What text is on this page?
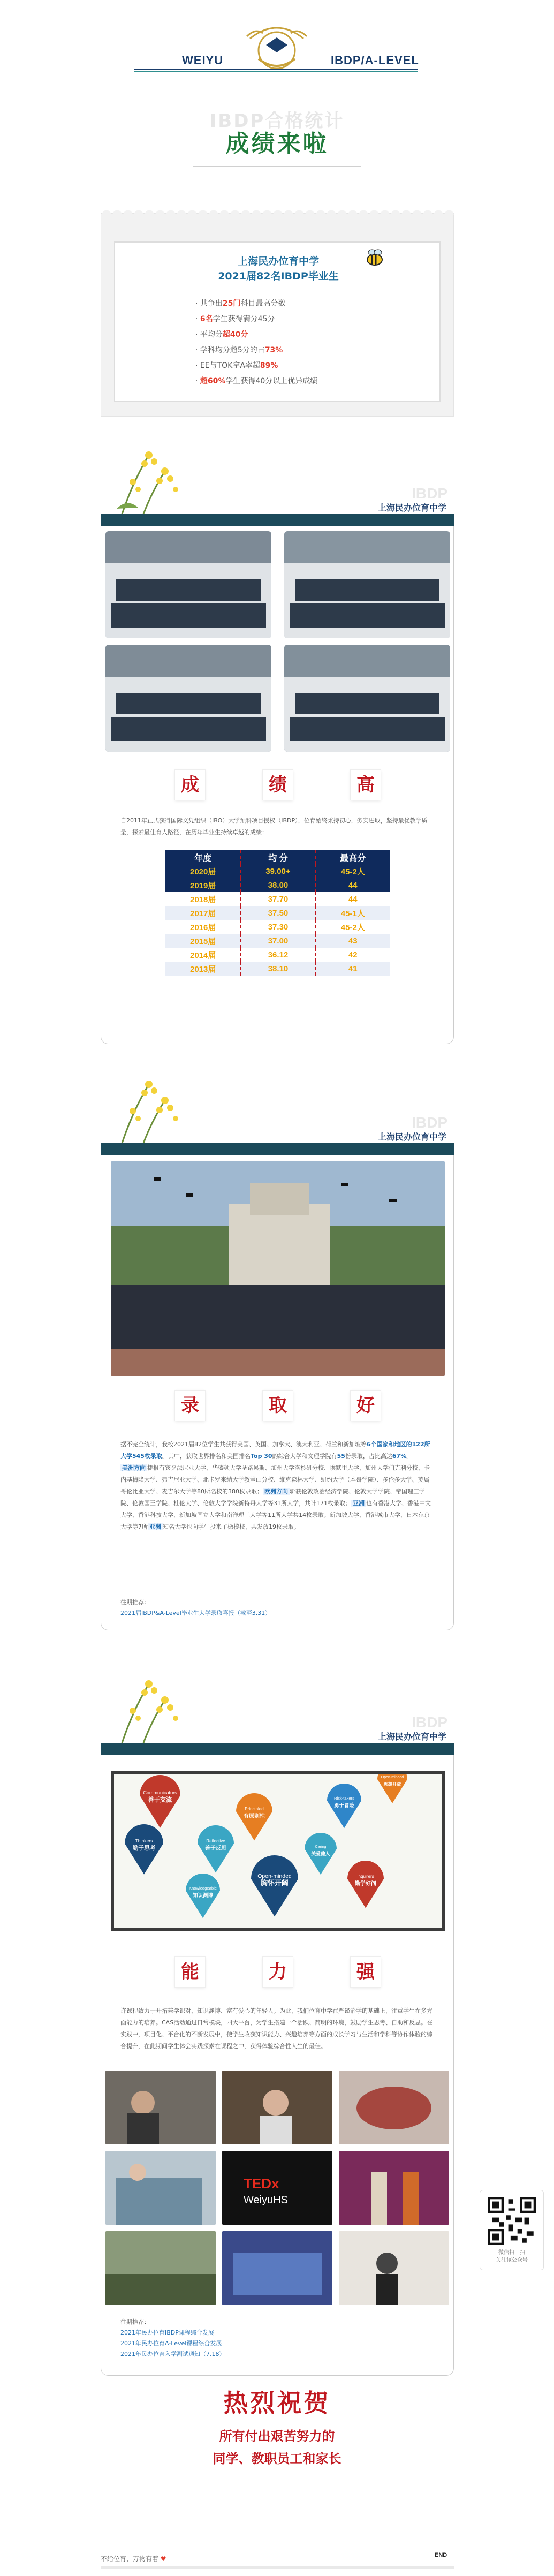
WEIYU	IBDP/A-LEVEL
IBDP合格统计
成绩来啦
上海民办位育中学
2021届82名IBDP毕业生
· 共争出25门科目最高分数
· 6名学生获得满分45分
· 平均分超40分
· 学科均分超5分的占73%
· EE与TOK拿A率超89%
· 超60%学生获得40分以上优异成绩
IBDP
上海民办位育中学
成	绩	高
自2011年正式获得国际文凭组织（IBO）大学预科项目授权（IBDP），位育始终秉持初心，务实进取，坚持最优教学质量，探索最佳育人路径，在历年毕业生持续卓越的成绩：
年度	均 分	最高分
2020届	39.00+	45-2人
2019届	38.00	44
2018届	37.70	44
2017届	37.50	45-1人
2016届	37.30	45-2人
2015届	37.00	43
2014届	36.12	42
2013届	38.10	41
IBDP
上海民办位育中学
录	取	好
据不完全统计，我校2021届82位学生共获得美国、英国、加拿大、澳大利亚、荷兰和新加坡等6个国家和地区的122所大学545枚录取。其中，获取世界排名和美国排名Top 30的综合大学和文理学院有55份录取，占比高达67%。
美洲方向 捷报有宾夕法尼亚大学、华盛顿大学圣路易斯、加州大学洛杉矶分校、埃默里大学、加州大学伯克利分校、卡内基梅隆大学、弗吉尼亚大学、北卡罗来纳大学教堂山分校、维克森林大学、纽约大学（本哥学院）、多伦多大学、英属哥伦比亚大学、麦吉尔大学等80所名校的380枚录取； 欧洲方向 斩获伦敦政治经济学院、伦敦大学学院、帝国理工学院、伦敦国王学院、杜伦大学、伦敦大学学院新特丹大学等31所大学，共计171枚录取； 亚洲 也有香港大学、香港中文大学、香港科技大学、新加坡国立大学和南洋理工大学等11所大学共14枚录取；新加坡大学、香港城市大学、日本东京大学等7所 亚洲 知名大学也向学生投来了橄榄枝，共发放19枚录取。
往期推荐：
2021届IBDP&A-Level毕业生大学录取喜报（截至3.31）
IBDP
上海民办位育中学
Communicators
善于交流
Principled
有原则性
Risk-takers
勇于冒险
Open-minded
思想开放
Thinkers
勤于思考
Reflective
善于反思	Caring
关爱他人
Knowledgeable
知识渊博
Open-minded
胸怀开阔
Inquirers
勤学好问
能	力	强
许课程致力于开拓兼学识对、知识渊博、富有爱心的年轻人。为此，我们位育中学在严谨治学的基础上，注重学生在多方面能力的培养。CAS活动通过日常模块，四大平台，为学生搭建一个活跃、简明的环境，鼓励学生思考、自助和反思。在实践中，项目化、平台化的不断发展中，使学生收获知识能力、兴趣培养等方面的成长学习与生活和学科等协作体验的综合提升，在此期间学生体会实践探索在课程之中，获得体验综合性人生的最佳。
TEDx
WeiyuHS
往期推荐：
2021年民办位育IBDP课程综合发展
2021年民办位育A-Level课程综合发展
2021年民办位育入学测试通知（7.18）
微信扫一扫
关注该公众号
热烈祝贺
所有付出艰苦努力的
同学、教职员工和家长
不给位育，万物有着 ♥	END
